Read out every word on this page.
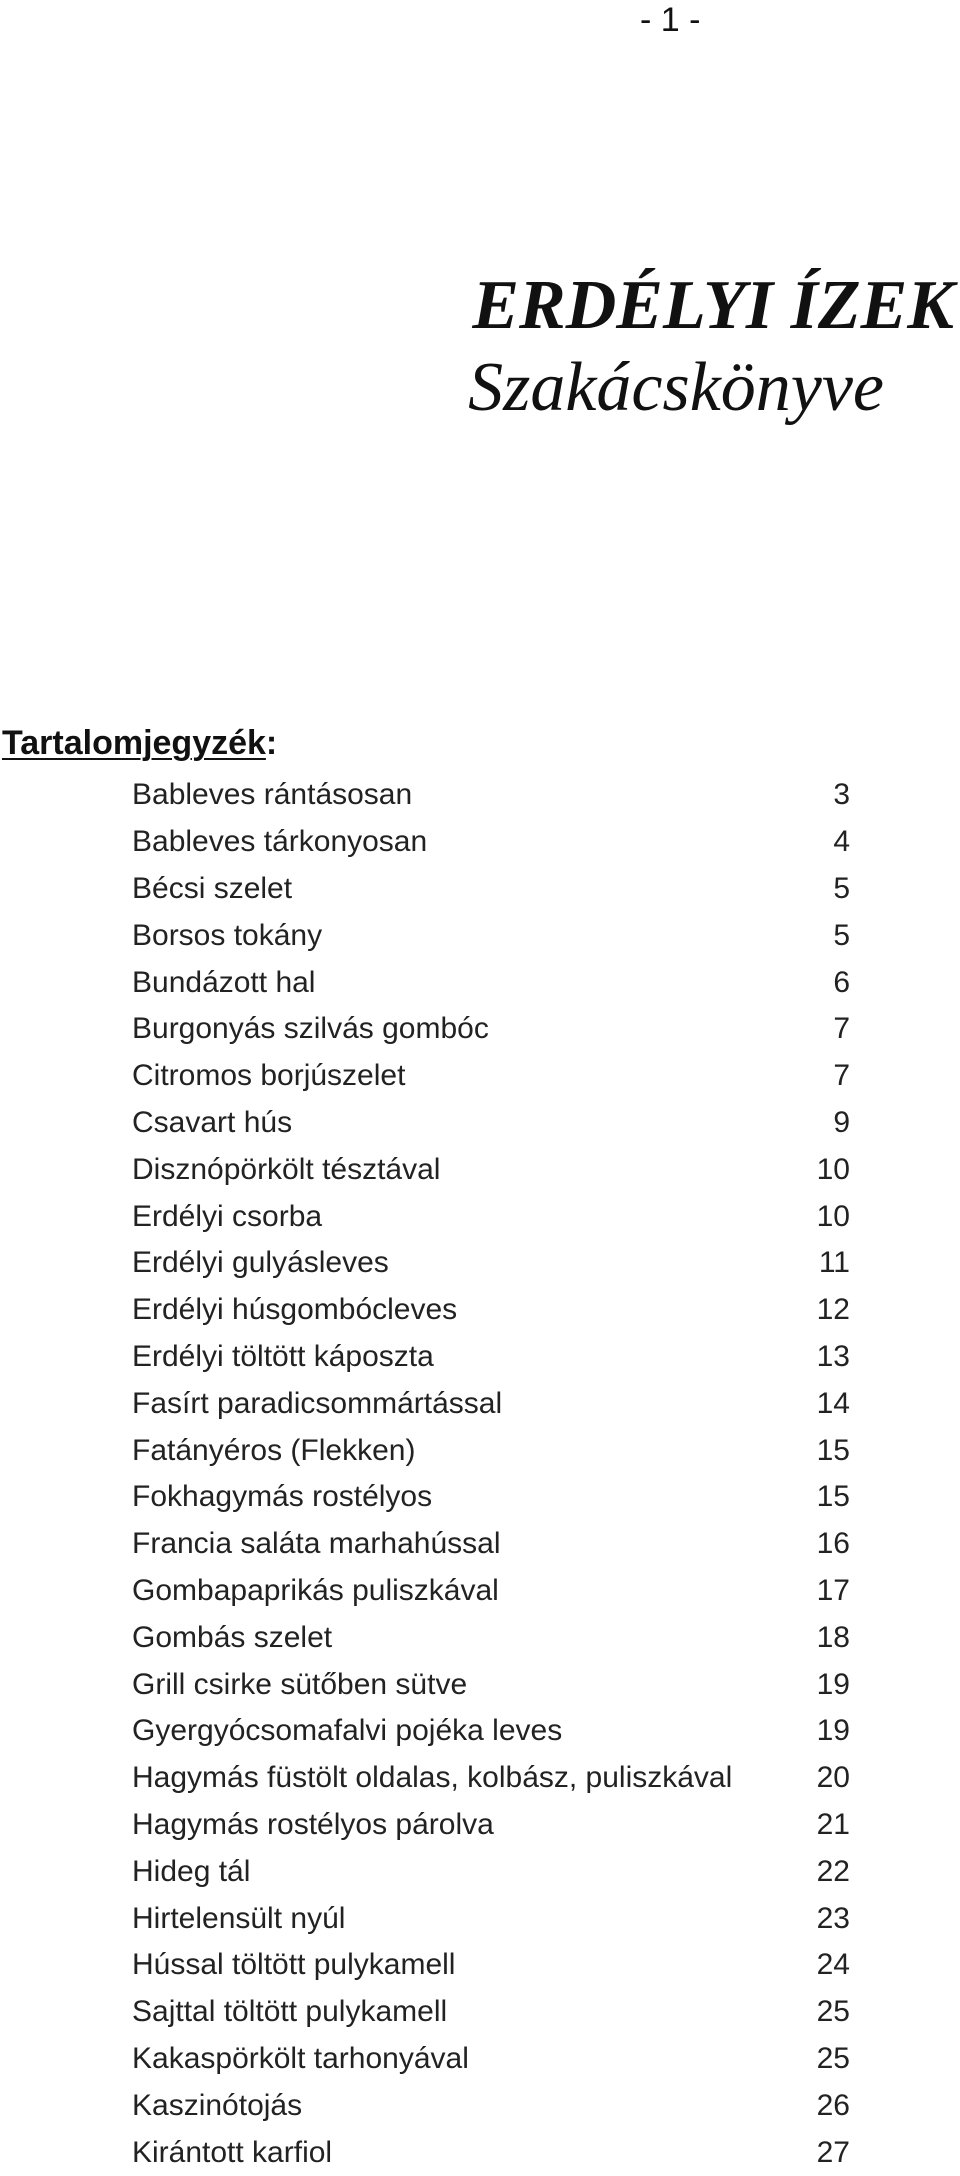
- 1 -
ERDÉLYI ÍZEK
Szakácskönyve
Tartalomjegyzék:
Bableves rántásosan	3
Bableves tárkonyosan	4
Bécsi szelet	5
Borsos tokány	5
Bundázott hal	6
Burgonyás szilvás gombóc	7
Citromos borjúszelet	7
Csavart hús	9
Disznópörkölt tésztával	10
Erdélyi csorba	10
Erdélyi gulyásleves	11
Erdélyi húsgombócleves	12
Erdélyi töltött káposzta	13
Fasírt paradicsommártással	14
Fatányéros (Flekken)	15
Fokhagymás rostélyos	15
Francia saláta marhahússal	16
Gombapaprikás puliszkával	17
Gombás szelet	18
Grill csirke sütőben sütve	19
Gyergyócsomafalvi pojéka leves	19
Hagymás füstölt oldalas, kolbász, puliszkával	20
Hagymás rostélyos párolva	21
Hideg tál	22
Hirtelensült nyúl	23
Hússal töltött pulykamell	24
Sajttal töltött pulykamell	25
Kakaspörkölt tarhonyával	25
Kaszinótojás	26
Kirántott karfiol	27
